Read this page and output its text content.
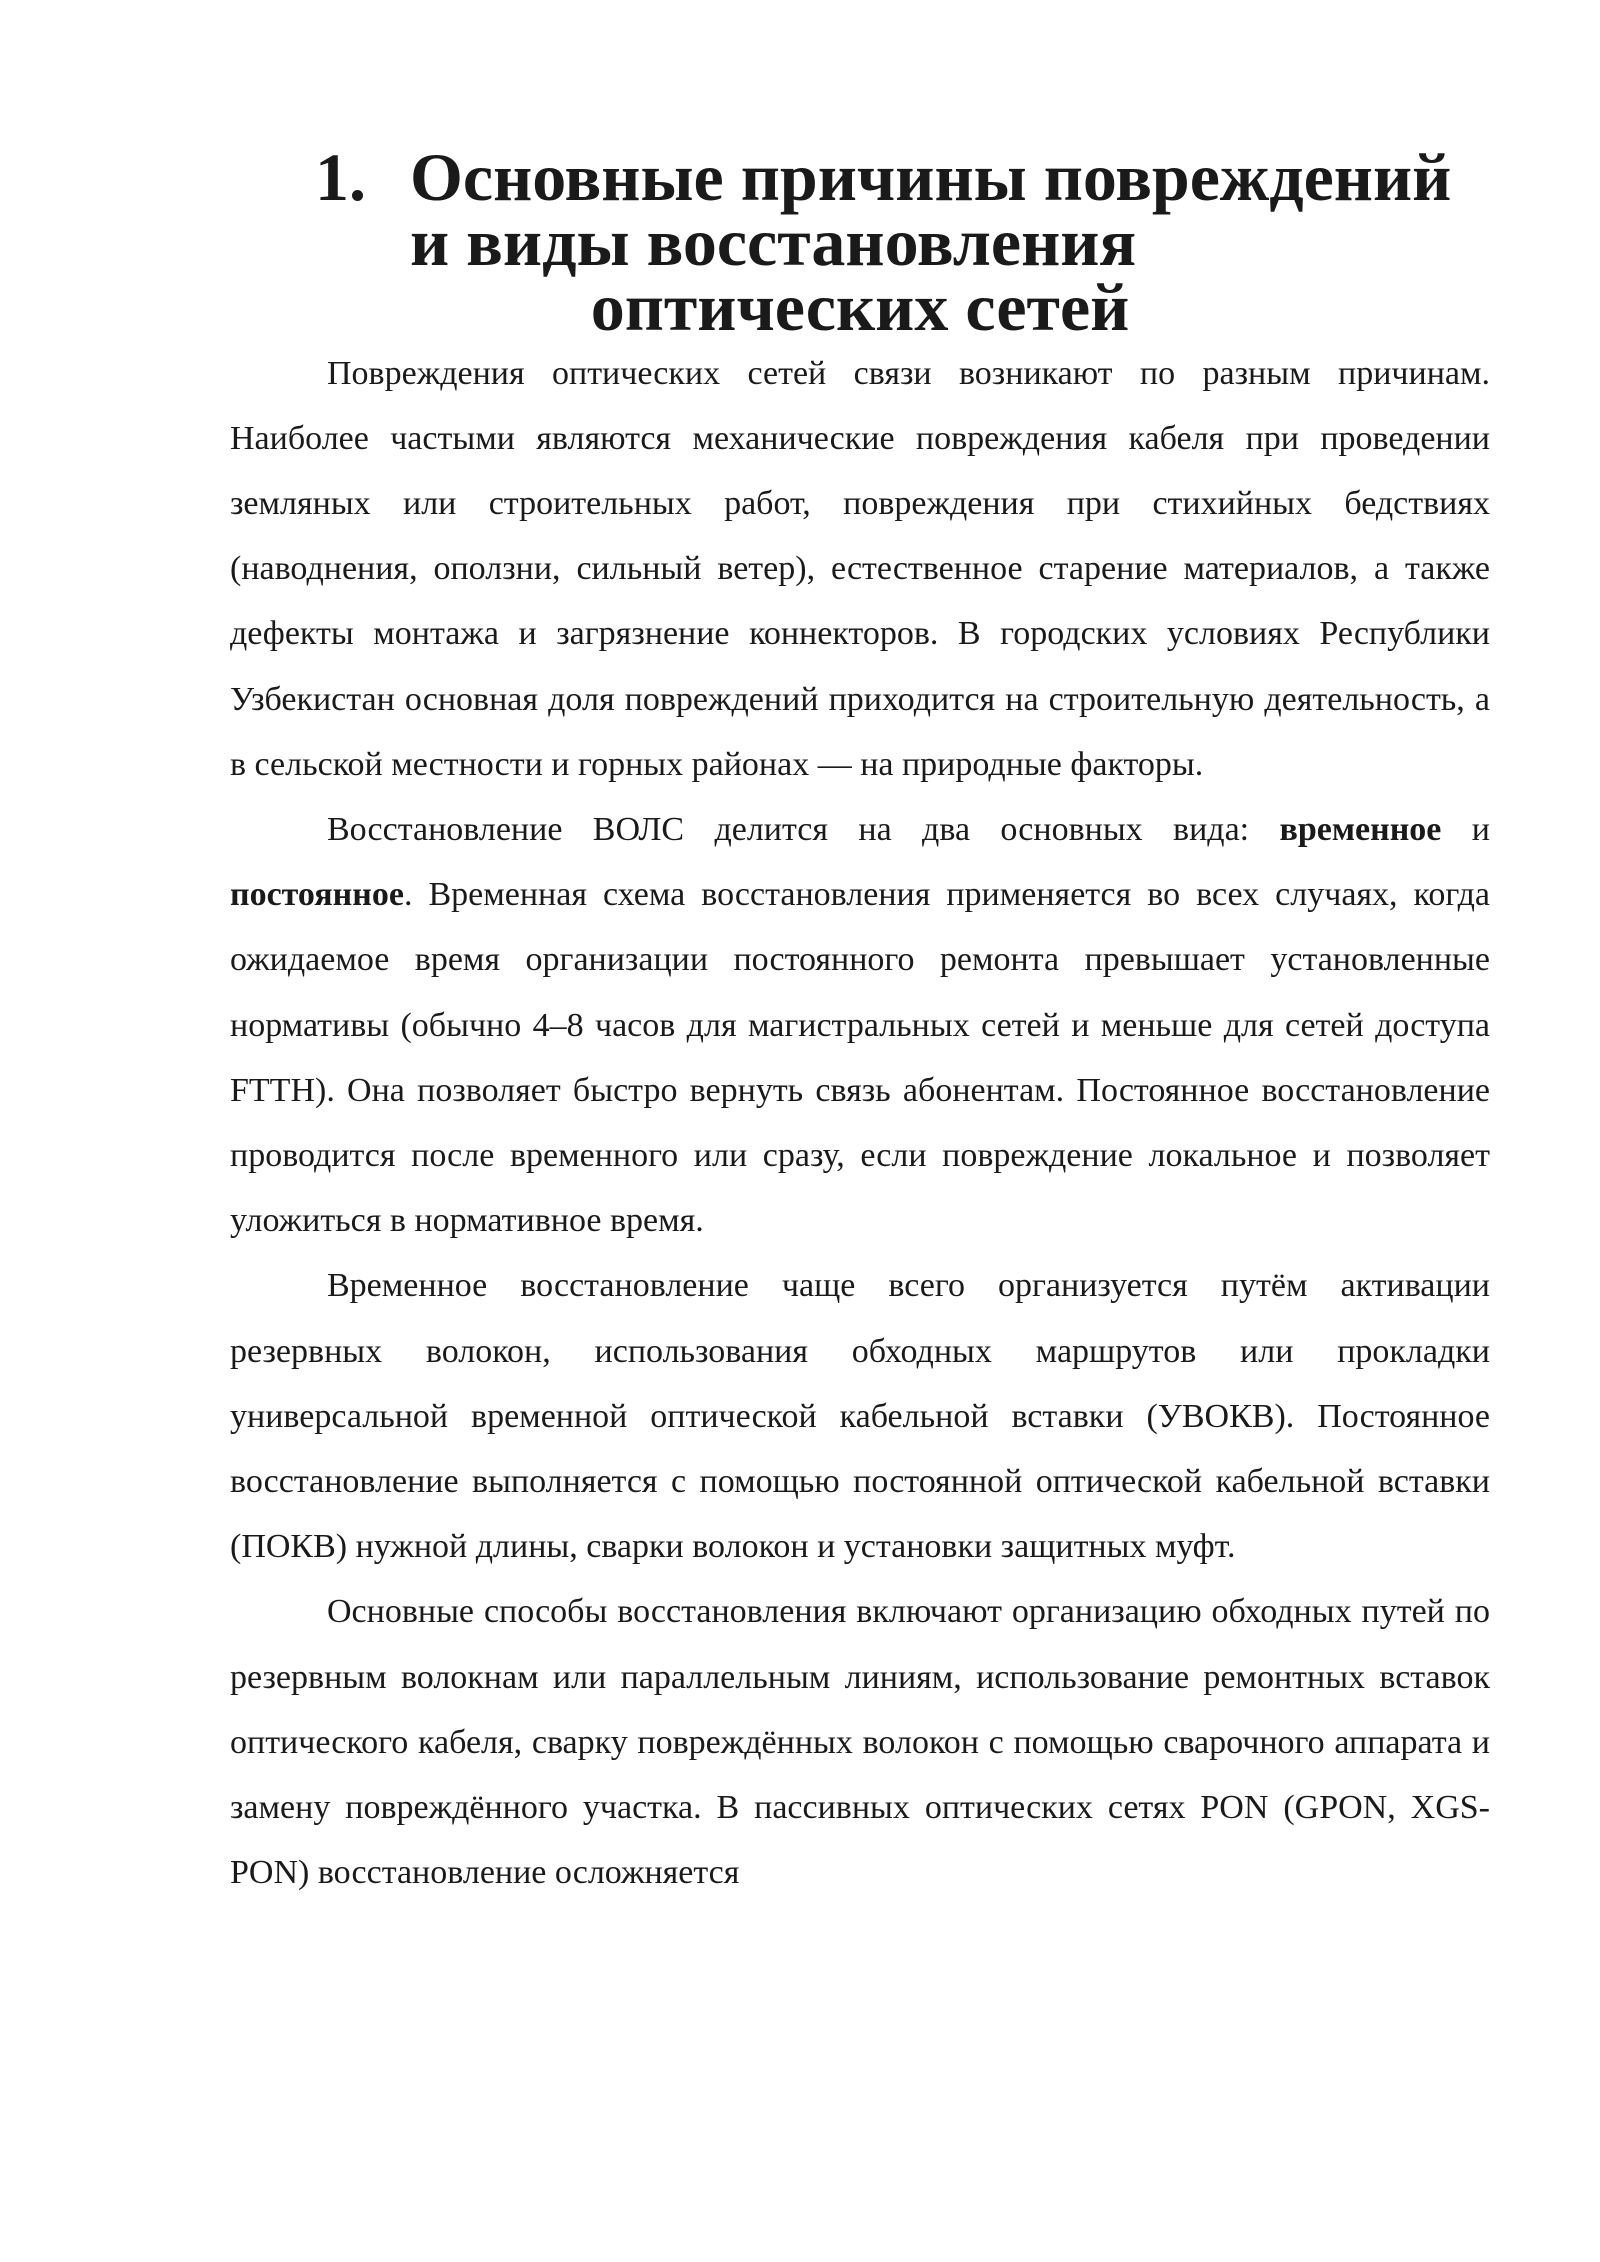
1. Основные причины повреждений и виды восстановления
оптических сетей

Повреждения оптических сетей связи возникают по разным причинам. Наиболее частыми являются механические повреждения кабеля при проведении земляных или строительных работ, повреждения при стихийных бедствиях (наводнения, оползни, сильный ветер), естественное старение материалов, а также дефекты монтажа и загрязнение коннекторов. В городских условиях Республики Узбекистан основная доля повреждений приходится на строительную деятельность, а в сельской местности и горных районах — на природные факторы.

Восстановление ВОЛС делится на два основных вида: временное и постоянное. Временная схема восстановления применяется во всех случаях, когда ожидаемое время организации постоянного ремонта превышает установленные нормативы (обычно 4–8 часов для магистральных сетей и меньше для сетей доступа FTTH). Она позволяет быстро вернуть связь абонентам. Постоянное восстановление проводится после временного или сразу, если повреждение локальное и позволяет уложиться в нормативное время.

Временное восстановление чаще всего организуется путём активации резервных волокон, использования обходных маршрутов или прокладки универсальной временной оптической кабельной вставки (УВОКВ). Постоянное восстановление выполняется с помощью постоянной оптической кабельной вставки (ПОКВ) нужной длины, сварки волокон и установки защитных муфт.

Основные способы восстановления включают организацию обходных путей по резервным волокнам или параллельным линиям, использование ремонтных вставок оптического кабеля, сварку повреждённых волокон с помощью сварочного аппарата и замену повреждённого участка. В пассивных оптических сетях PON (GPON, XGS-PON) восстановление осложняется
